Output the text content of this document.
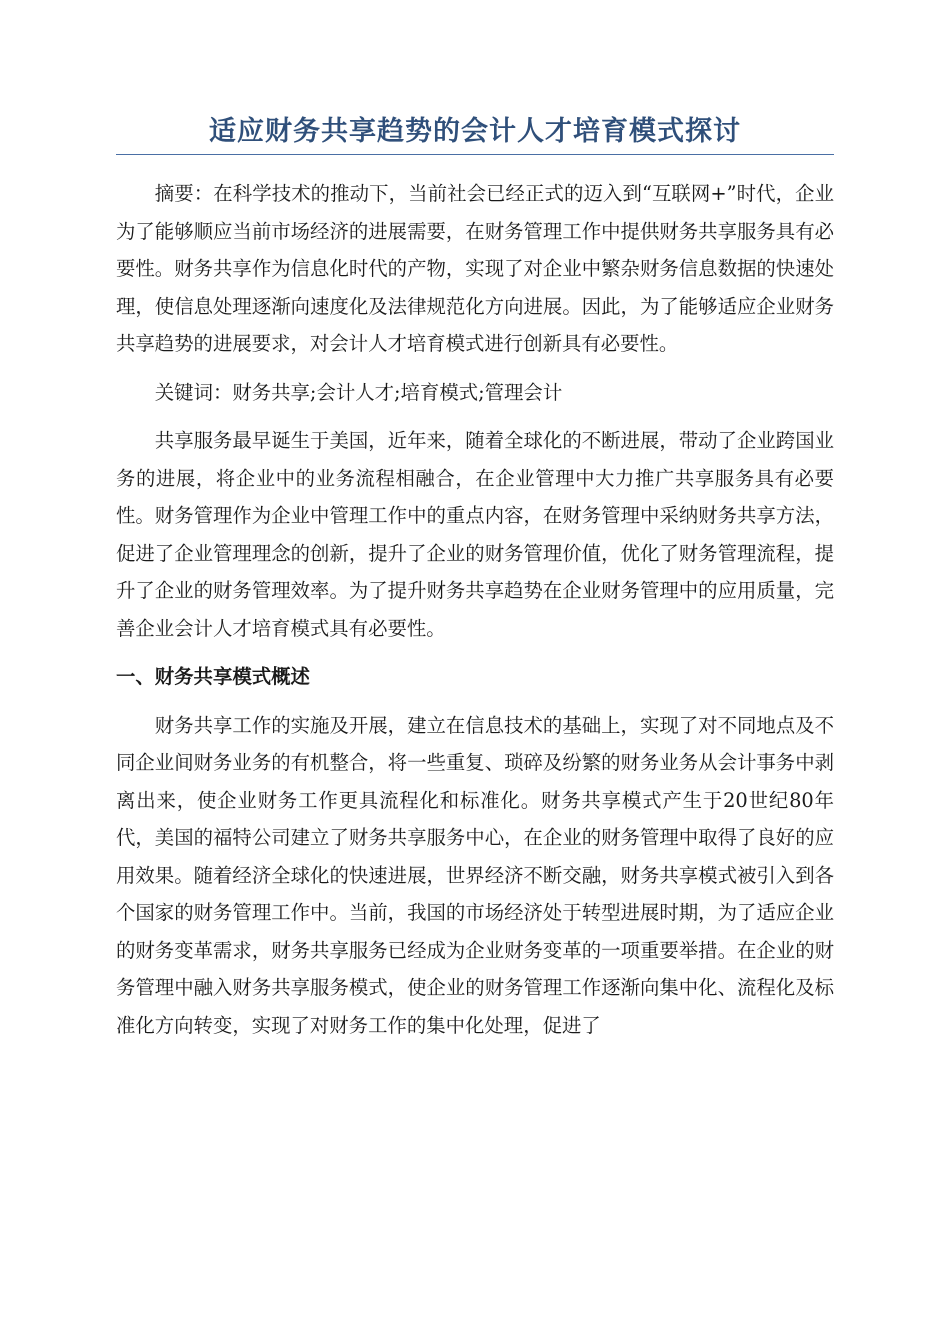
适应财务共享趋势的会计人才培育模式探讨

摘要：在科学技术的推动下，当前社会已经正式的迈入到“互联网+”时代，企业为了能够顺应当前市场经济的进展需要，在财务管理工作中提供财务共享服务具有必要性。财务共享作为信息化时代的产物，实现了对企业中繁杂财务信息数据的快速处理，使信息处理逐渐向速度化及法律规范化方向进展。因此，为了能够适应企业财务共享趋势的进展要求，对会计人才培育模式进行创新具有必要性。

关键词：财务共享;会计人才;培育模式;管理会计

共享服务最早诞生于美国，近年来，随着全球化的不断进展，带动了企业跨国业务的进展，将企业中的业务流程相融合，在企业管理中大力推广共享服务具有必要性。财务管理作为企业中管理工作中的重点内容，在财务管理中采纳财务共享方法，促进了企业管理理念的创新，提升了企业的财务管理价值，优化了财务管理流程，提升了企业的财务管理效率。为了提升财务共享趋势在企业财务管理中的应用质量，完善企业会计人才培育模式具有必要性。

一、财务共享模式概述

财务共享工作的实施及开展，建立在信息技术的基础上，实现了对不同地点及不同企业间财务业务的有机整合，将一些重复、琐碎及纷繁的财务业务从会计事务中剥离出来，使企业财务工作更具流程化和标准化。财务共享模式产生于20世纪80年代，美国的福特公司建立了财务共享服务中心，在企业的财务管理中取得了良好的应用效果。随着经济全球化的快速进展，世界经济不断交融，财务共享模式被引入到各个国家的财务管理工作中。当前，我国的市场经济处于转型进展时期，为了适应企业的财务变革需求，财务共享服务已经成为企业财务变革的一项重要举措。在企业的财务管理中融入财务共享服务模式，使企业的财务管理工作逐渐向集中化、流程化及标准化方向转变，实现了对财务工作的集中化处理，促进了
